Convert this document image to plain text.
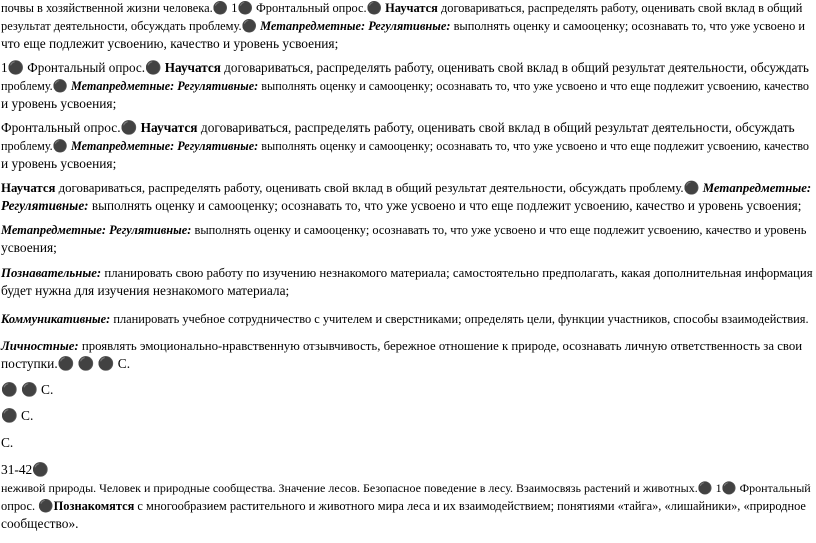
почвы в хозяйственной жизни человека.⚫ 1⚫ Фронтальный опрос.⚫ Научатся договариваться, распределять работу, оценивать свой вклад в общий
результат деятельности, обсуждать проблему.⚫ Метапредметные: Регулятивные: выполнять оценку и самооценку; осознавать то, что уже усвоено и
что еще подлежит усвоению, качество и уровень усвоения;
1⚫ Фронтальный опрос.⚫ Научатся договариваться, распределять работу, оценивать свой вклад в общий результат деятельности, обсуждать
проблему.⚫ Метапредметные: Регулятивные: выполнять оценку и самооценку; осознавать то, что уже усвоено и что еще подлежит усвоению, качество
и уровень усвоения;
Фронтальный опрос.⚫ Научатся договариваться, распределять работу, оценивать свой вклад в общий результат деятельности, обсуждать
проблему.⚫ Метапредметные: Регулятивные: выполнять оценку и самооценку; осознавать то, что уже усвоено и что еще подлежит усвоению, качество
и уровень усвоения;
Научатся договариваться, распределять работу, оценивать свой вклад в общий результат деятельности, обсуждать проблему.⚫ Метапредметные:
Регулятивные: выполнять оценку и самооценку; осознавать то, что уже усвоено и что еще подлежит усвоению, качество и уровень усвоения;
Метапредметные: Регулятивные: выполнять оценку и самооценку; осознавать то, что уже усвоено и что еще подлежит усвоению, качество и уровень
усвоения;
Познавательные: планировать свою работу по изучению незнакомого материала; самостоятельно предполагать, какая дополнительная информация
будет нужна для изучения незнакомого материала;
Коммуникативные: планировать учебное сотрудничество с учителем и сверстниками; определять цели, функции участников, способы взаимодействия.
Личностные: проявлять эмоционально-нравственную отзывчивость, бережное отношение к природе, осознавать личную ответственность за свои
поступки.⚫ ⚫ ⚫ С.
⚫ ⚫ С.
⚫ С.
С.
31-42⚫
неживой природы. Человек и природные сообщества. Значение лесов. Безопасное поведение в лесу. Взаимосвязь растений и животных.⚫ 1⚫ Фронтальный
опрос. ⚫Познакомятся с многообразием растительного и животного мира леса и их взаимодействием; понятиями «тайга», «лишайники», «природное
сообщество».
